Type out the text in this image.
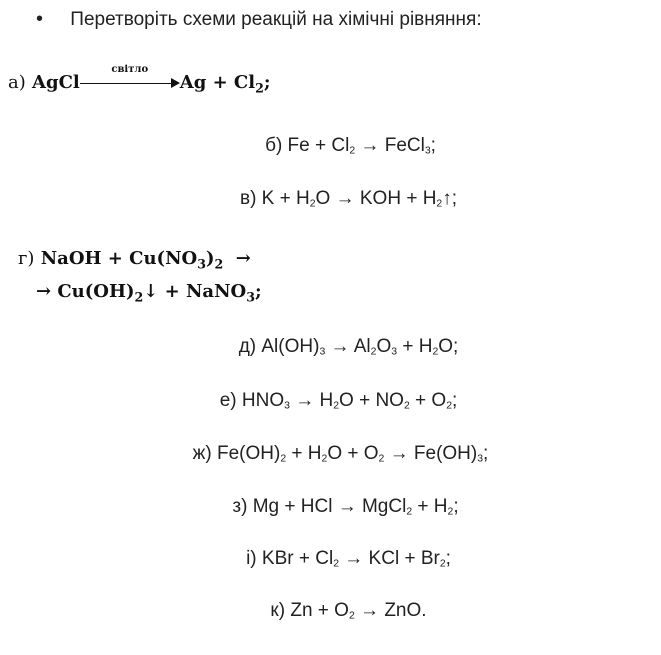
• Перетворіть схеми реакцій на хімічні рівняння:
а) AgCl
світло
$Ag + Cl_2$;
б) $Fe + Cl_2$ → FeCl$_3$;
в) $K + H_2O$ → KOH + $H_2↑$;
г) NaOH + $Cu(NO_3)_2$  →
→ $Cu(OH)_2↓$ + NaNO$_3$;
д) $Al(OH)_3 \to Al_2O_3 + H_2O$;
е) $HNO_3 \to H_2O + NO_2 + O_2$;
ж) $Fe(OH)_2 + H_2O + O_2 \to Fe(OH)_3$;
з) Mg + HCl → MgCl$_2$ + $H_2$;
і) KBr + $Cl_2$ → KCl + $Br_2$;
к) $Zn + O_2$ → ZnO.
